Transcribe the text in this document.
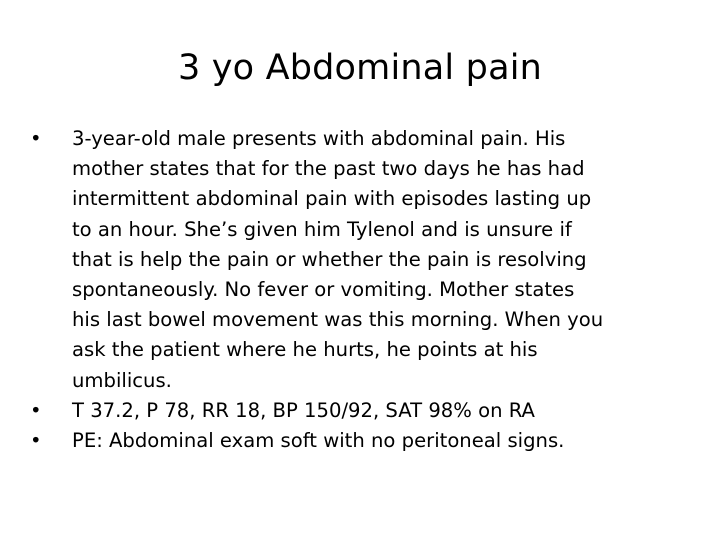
3 yo Abdominal pain
• 3-year-old male presents with abdominal pain. His
mother states that for the past two days he has had
intermittent abdominal pain with episodes lasting up
to an hour. She’s given him Tylenol and is unsure if
that is help the pain or whether the pain is resolving
spontaneously. No fever or vomiting. Mother states
his last bowel movement was this morning. When you
ask the patient where he hurts, he points at his
umbilicus.
• T 37.2, P 78, RR 18, BP 150/92, SAT 98% on RA
• PE: Abdominal exam soft with no peritoneal signs.
